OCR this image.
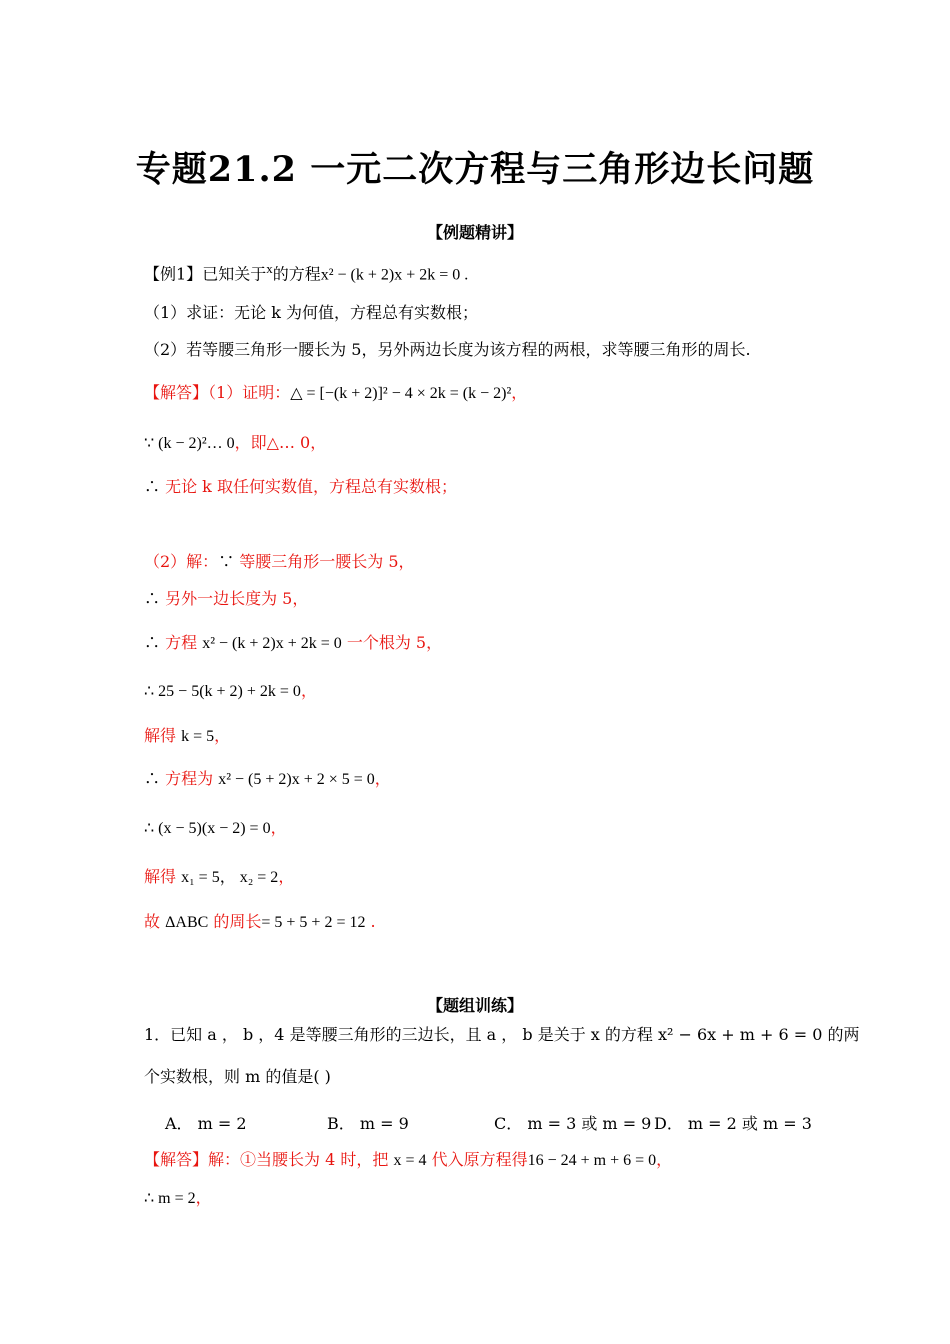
专题21.2 一元二次方程与三角形边长问题
【例题精讲】
【例1】已知关于$^x$的方程x² − (k + 2)x + 2k = 0 .
（1）求证：无论 k 为何值，方程总有实数根；
（2）若等腰三角形一腰长为 5，另外两边长度为该方程的两根，求等腰三角形的周长.
【解答】（1）证明：△ = [−(k + 2)]² − 4 × 2k = (k − 2)²，
∵ (k − 2)²… 0，即△… 0，
∴ 无论 k 取任何实数值，方程总有实数根；
（2）解：∵ 等腰三角形一腰长为 5，
∴ 另外一边长度为 5，
∴ 方程 x² − (k + 2)x + 2k = 0 一个根为 5，
∴ 25 − 5(k + 2) + 2k = 0，
解得 k = 5，
∴ 方程为 x² − (5 + 2)x + 2 × 5 = 0，
∴ (x − 5)(x − 2) = 0，
解得 x₁ = 5， x₂ = 2，
故 ΔABC 的周长= 5 + 5 + 2 = 12 .
【题组训练】
1．已知 a ， b ，4 是等腰三角形的三边长，且 a ， b 是关于 x 的方程 x² − 6x + m + 6 = 0 的两
个实数根，则 m 的值是( )
A． m = 2	B． m = 9	C． m = 3 或 m = 9 D． m = 2 或 m = 3
【解答】解：①当腰长为 4 时，把 x = 4 代入原方程得16 − 24 + m + 6 = 0，
∴ m = 2，
